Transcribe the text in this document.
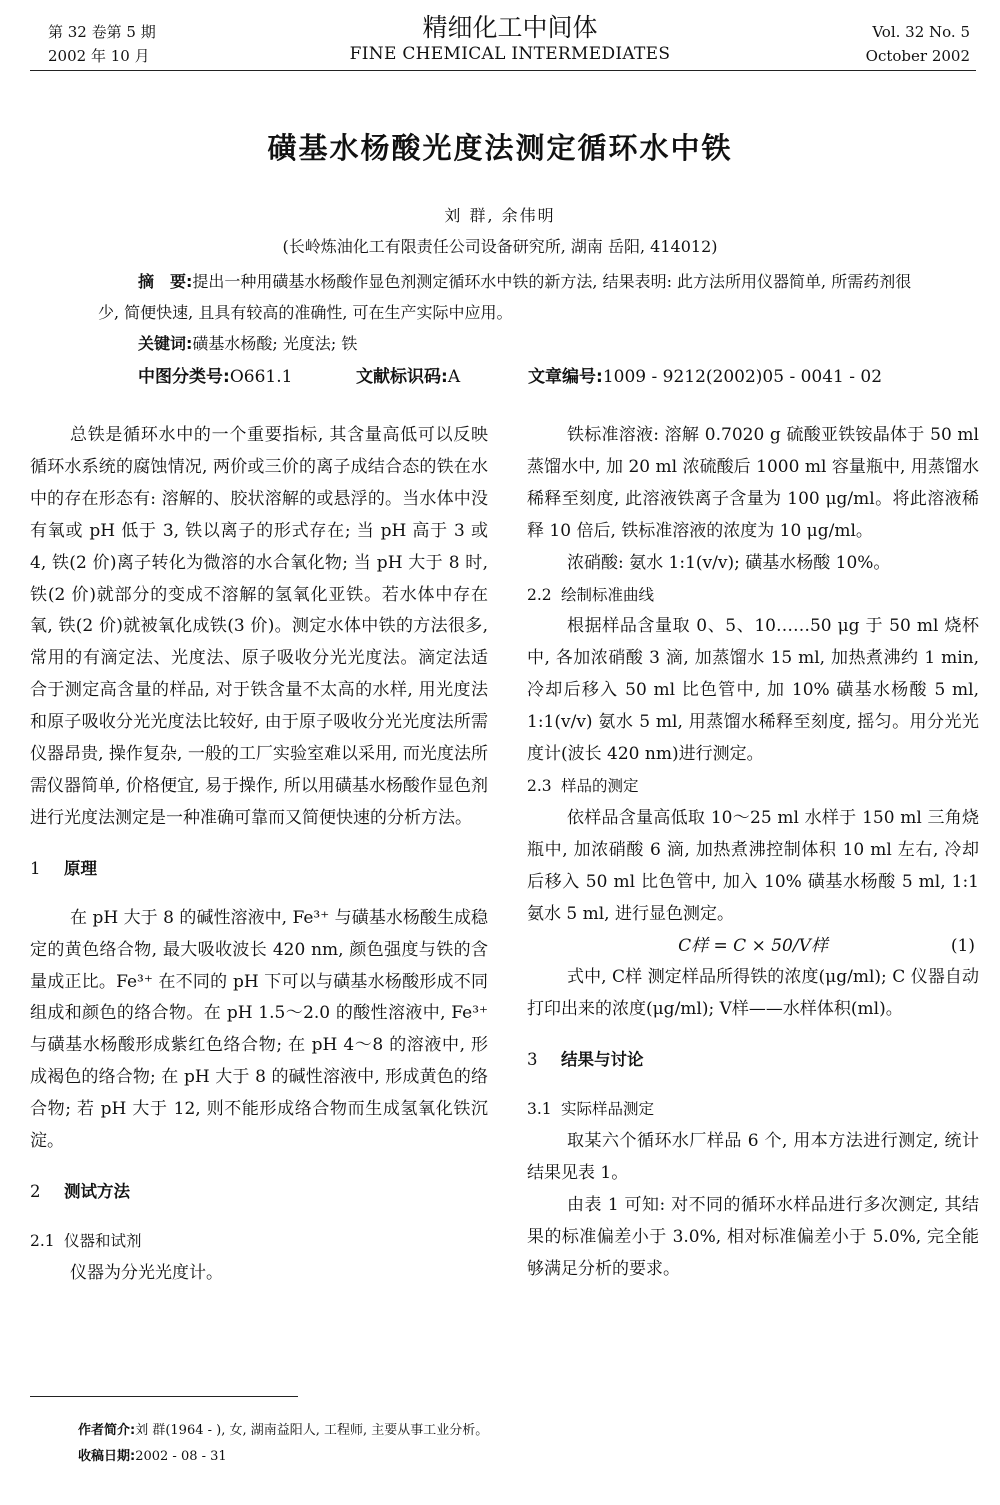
第 32 卷第 5 期
2002 年 10 月
精细化工中间体
FINE CHEMICAL INTERMEDIATES
Vol. 32 No. 5
October 2002
磺基水杨酸光度法测定循环水中铁
刘 群, 余伟明
(长岭炼油化工有限责任公司设备研究所, 湖南 岳阳, 414012)

摘　要:提出一种用磺基水杨酸作显色剂测定循环水中铁的新方法, 结果表明: 此方法所用仪器简单, 所需药剂很少, 简便快速, 且具有较高的准确性, 可在生产实际中应用。

关键词:磺基水杨酸; 光度法; 铁

中图分类号:O661.1	文献标识码:A	文章编号:1009 - 9212(2002)05 - 0041 - 02

总铁是循环水中的一个重要指标, 其含量高低可以反映循环水系统的腐蚀情况, 两价或三价的离子成结合态的铁在水中的存在形态有: 溶解的、胶状溶解的或悬浮的。当水体中没有氧或 pH 低于 3, 铁以离子的形式存在; 当 pH 高于 3 或 4, 铁(2 价)离子转化为微溶的水合氧化物; 当 pH 大于 8 时, 铁(2 价)就部分的变成不溶解的氢氧化亚铁。若水体中存在氧, 铁(2 价)就被氧化成铁(3 价)。测定水体中铁的方法很多, 常用的有滴定法、光度法、原子吸收分光光度法。滴定法适合于测定高含量的样品, 对于铁含量不太高的水样, 用光度法和原子吸收分光光度法比较好, 由于原子吸收分光光度法所需仪器昂贵, 操作复杂, 一般的工厂实验室难以采用, 而光度法所需仪器简单, 价格便宜, 易于操作, 所以用磺基水杨酸作显色剂进行光度法测定是一种准确可靠而又简便快速的分析方法。

1 原理

在 pH 大于 8 的碱性溶液中, Fe³⁺ 与磺基水杨酸生成稳定的黄色络合物, 最大吸收波长 420 nm, 颜色强度与铁的含量成正比。Fe³⁺ 在不同的 pH 下可以与磺基水杨酸形成不同组成和颜色的络合物。在 pH 1.5～2.0 的酸性溶液中, Fe³⁺ 与磺基水杨酸形成紫红色络合物; 在 pH 4～8 的溶液中, 形成褐色的络合物; 在 pH 大于 8 的碱性溶液中, 形成黄色的络合物; 若 pH 大于 12, 则不能形成络合物而生成氢氧化铁沉淀。

2 测试方法

2.1 仪器和试剂

仪器为分光光度计。

铁标准溶液: 溶解 0.7020 g 硫酸亚铁铵晶体于 50 ml 蒸馏水中, 加 20 ml 浓硫酸后 1000 ml 容量瓶中, 用蒸馏水稀释至刻度, 此溶液铁离子含量为 100 μg/ml。将此溶液稀释 10 倍后, 铁标准溶液的浓度为 10 μg/ml。

浓硝酸: 氨水 1:1(v/v); 磺基水杨酸 10%。

2.2 绘制标准曲线

根据样品含量取 0、5、10……50 μg 于 50 ml 烧杯中, 各加浓硝酸 3 滴, 加蒸馏水 15 ml, 加热煮沸约 1 min, 冷却后移入 50 ml 比色管中, 加 10% 磺基水杨酸 5 ml, 1:1(v/v) 氨水 5 ml, 用蒸馏水稀释至刻度, 摇匀。用分光光度计(波长 420 nm)进行测定。

2.3 样品的测定

依样品含量高低取 10～25 ml 水样于 150 ml 三角烧瓶中, 加浓硝酸 6 滴, 加热煮沸控制体积 10 ml 左右, 冷却后移入 50 ml 比色管中, 加入 10% 磺基水杨酸 5 ml, 1:1 氨水 5 ml, 进行显色测定。

C样 = C × 50/V样	(1)

式中, C样 测定样品所得铁的浓度(μg/ml); C 仪器自动打印出来的浓度(μg/ml); V样——水样体积(ml)。

3 结果与讨论

3.1 实际样品测定

取某六个循环水厂样品 6 个, 用本方法进行测定, 统计结果见表 1。

由表 1 可知: 对不同的循环水样品进行多次测定, 其结果的标准偏差小于 3.0%, 相对标准偏差小于 5.0%, 完全能够满足分析的要求。

作者简介:刘 群(1964 - ), 女, 湖南益阳人, 工程师, 主要从事工业分析。
收稿日期:2002 - 08 - 31
